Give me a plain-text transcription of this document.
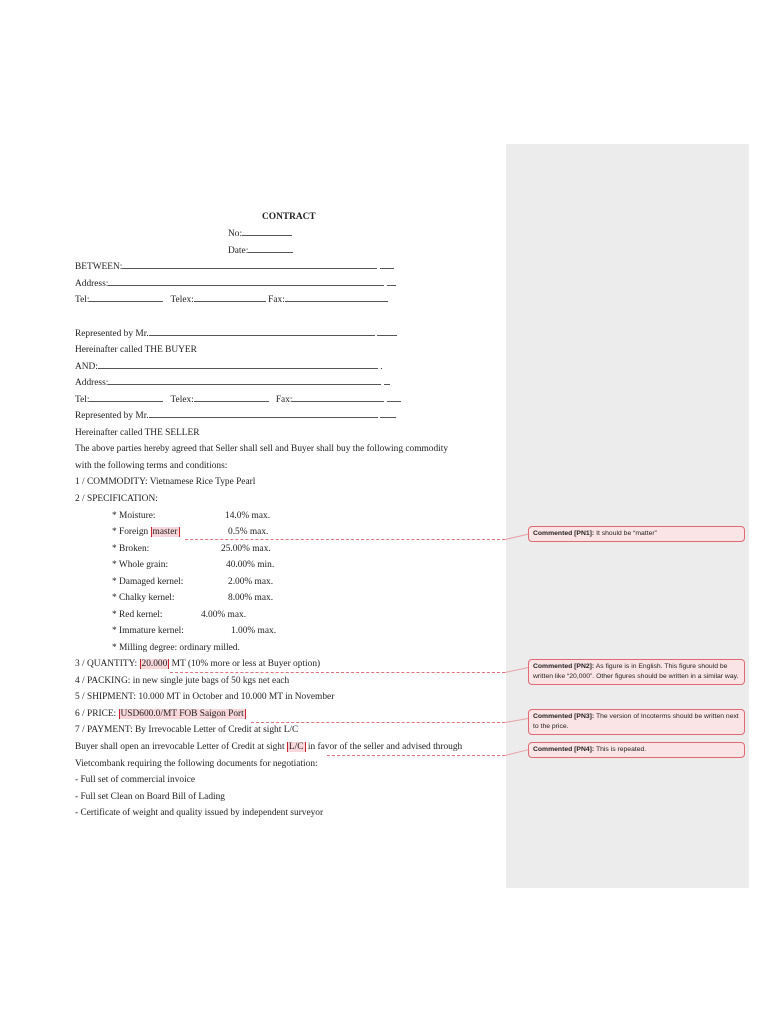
CONTRACT
No:
Date:
BETWEEN:
Address:
Tel:	Telex:	Fax:
Represented by Mr.
Hereinafter called THE BUYER
AND:	.
Address:
Tel:	Telex:	Fax:
Represented by Mr.
Hereinafter called THE SELLER
The above parties hereby agreed that Seller shall sell and Buyer shall buy the following commodity
with the following terms and conditions:
1 / COMMODITY: Vietnamese Rice Type Pearl
2 / SPECIFICATION:
* Moisture:	14.0% max.
* Foreign master	0.5% max.
* Broken:	25.00% max.
* Whole grain:	40.00% min.
* Damaged kernel:	2.00% max.
* Chalky kernel:	8.00% max.
* Red kernel:	4.00% max.
* Immature kernel:	1.00% max.
* Milling degree: ordinary milled.
3 / QUANTITY: 20.000 MT (10% more or less at Buyer option)
4 / PACKING: in new single jute bags of 50 kgs net each
5 / SHIPMENT: 10.000 MT in October and 10.000 MT in November
6 / PRICE: USD600.0/MT FOB Saigon Port
7 / PAYMENT: By Irrevocable Letter of Credit at sight L/C
Buyer shall open an irrevocable Letter of Credit at sight L/C in favor of the seller and advised through
Vietcombank requiring the following documents for negotiation:
- Full set of commercial invoice
- Full set Clean on Board Bill of Lading
- Certificate of weight and quality issued by independent surveyor
Commented [PN1]: It should be “matter”
Commented [PN2]: As figure is in English. This figure should be written like “20,000”. Other figures should be written in a similar way.
Commented [PN3]: The version of Incoterms should be written next to the price.
Commented [PN4]: This is repeated.
